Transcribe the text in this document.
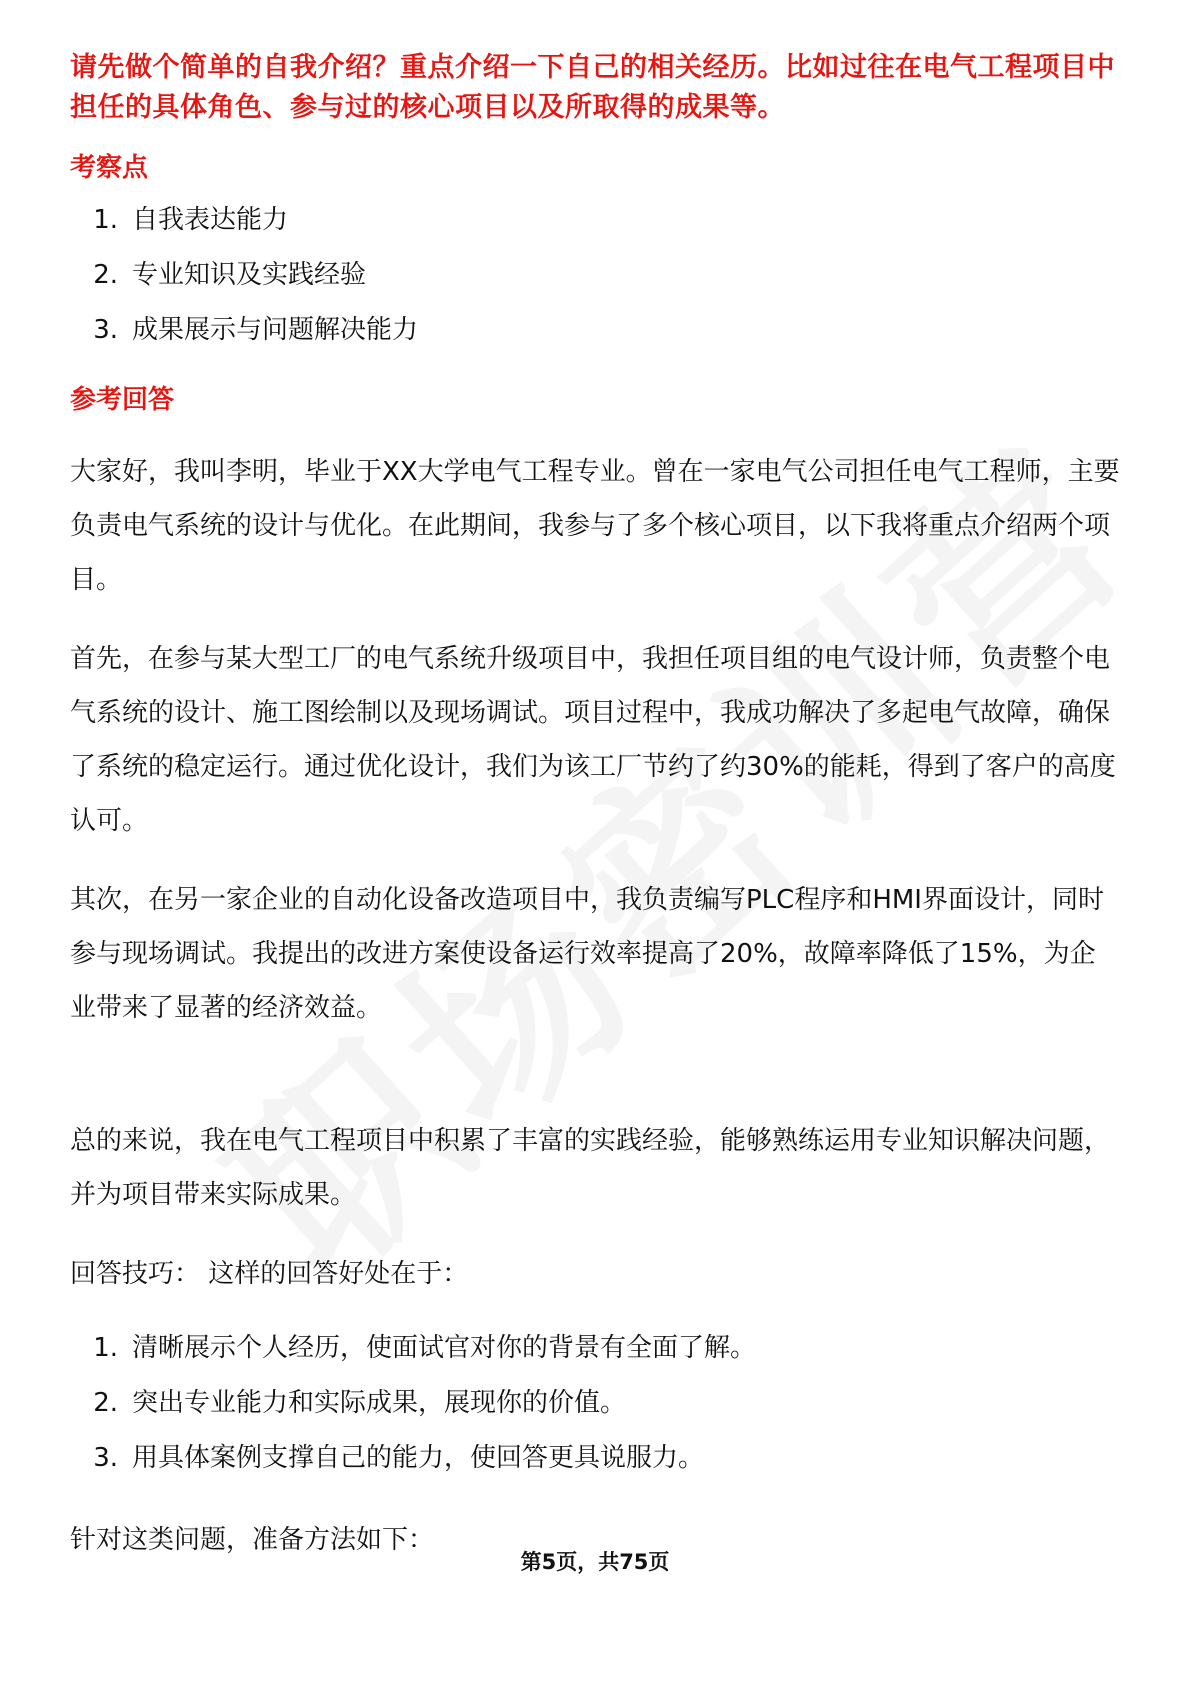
请先做个简单的自我介绍？重点介绍一下自己的相关经历。比如过往在电气工程项目中担任的具体角色、参与过的核心项目以及所取得的成果等。

考察点
1. 自我表达能力
2. 专业知识及实践经验
3. 成果展示与问题解决能力
参考回答

大家好，我叫李明，毕业于XX大学电气工程专业。曾在一家电气公司担任电气工程师，主要负责电气系统的设计与优化。在此期间，我参与了多个核心项目，以下我将重点介绍两个项目。

首先，在参与某大型工厂的电气系统升级项目中，我担任项目组的电气设计师，负责整个电气系统的设计、施工图绘制以及现场调试。项目过程中，我成功解决了多起电气故障，确保了系统的稳定运行。通过优化设计，我们为该工厂节约了约30%的能耗，得到了客户的高度认可。

其次，在另一家企业的自动化设备改造项目中，我负责编写PLC程序和HMI界面设计，同时参与现场调试。我提出的改进方案使设备运行效率提高了20%，故障率降低了15%，为企业带来了显著的经济效益。

总的来说，我在电气工程项目中积累了丰富的实践经验，能够熟练运用专业知识解决问题，并为项目带来实际成果。

回答技巧： 这样的回答好处在于：

1. 清晰展示个人经历，使面试官对你的背景有全面了解。
2. 突出专业能力和实际成果，展现你的价值。
3. 用具体案例支撑自己的能力，使回答更具说服力。

针对这类问题，准备方法如下：

第5页，共75页
